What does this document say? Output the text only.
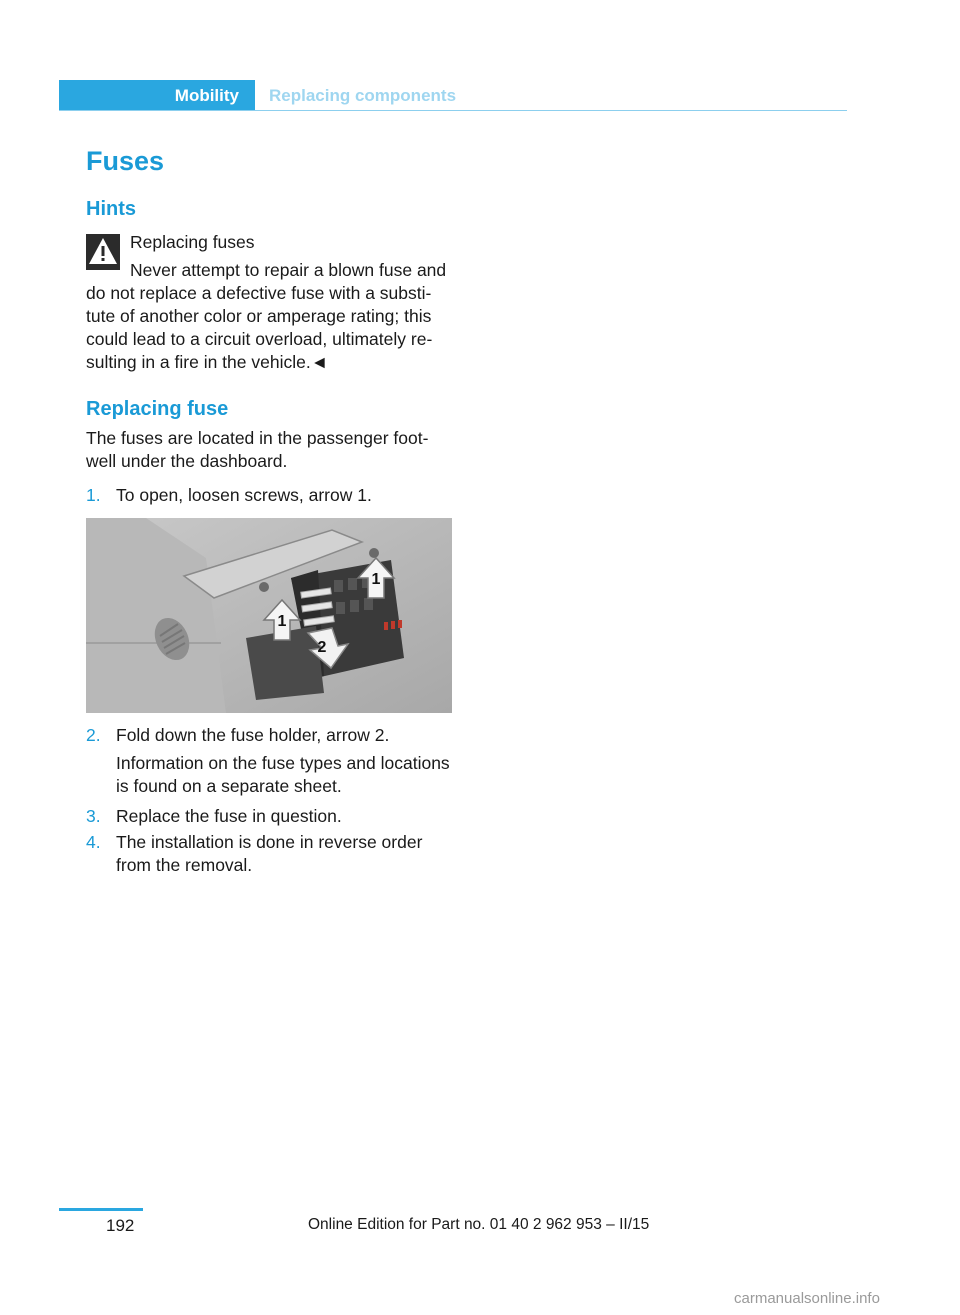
Mobility	Replacing components
Fuses
Hints
Replacing fuses
Never attempt to repair a blown fuse and
do not replace a defective fuse with a substi-
tute of another color or amperage rating; this
could lead to a circuit overload, ultimately re-
sulting in a fire in the vehicle.◄
Replacing fuse
The fuses are located in the passenger foot-
well under the dashboard.
1. To open, loosen screws, arrow 1.
2
1
1
2. Fold down the fuse holder, arrow 2.
Information on the fuse types and locations
is found on a separate sheet.
3. Replace the fuse in question.
4. The installation is done in reverse order
from the removal.
192	Online Edition for Part no. 01 40 2 962 953 – II/15
carmanualsonline.info
